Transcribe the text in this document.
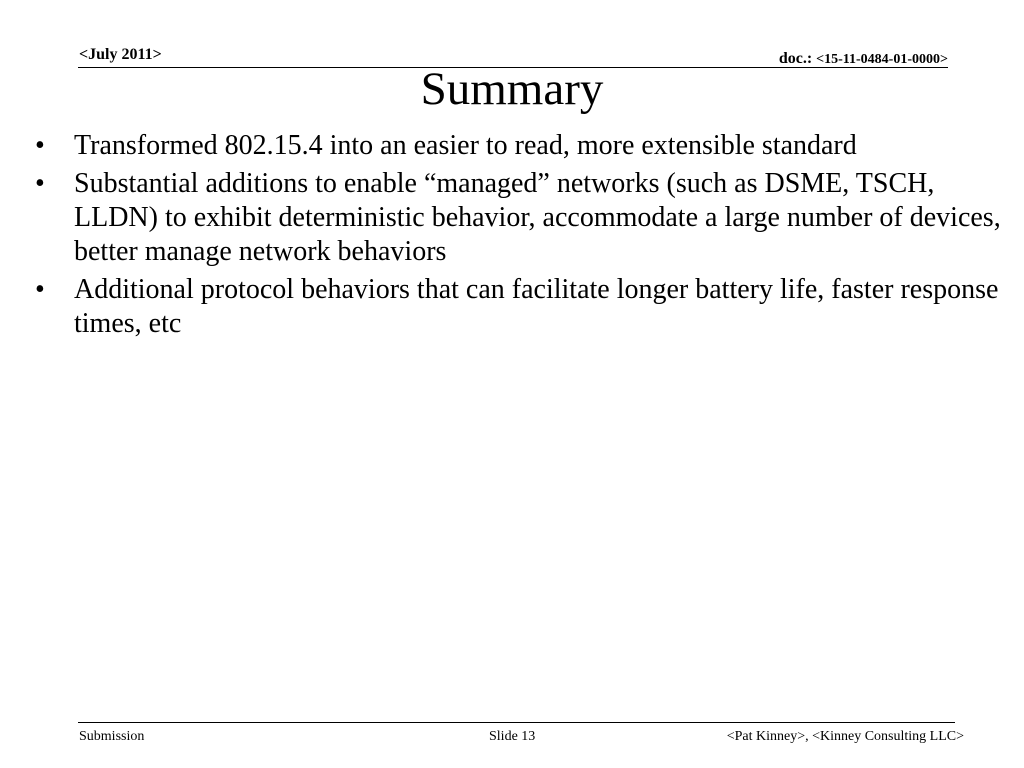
<July 2011>	doc.: <15-11-0484-01-0000>
Summary
•	Transformed 802.15.4 into an easier to read, more extensible standard
•	Substantial additions to enable “managed” networks (such as DSME, TSCH, LLDN) to exhibit deterministic behavior, accommodate a large number of devices, better manage network behaviors
•	Additional protocol behaviors that can facilitate longer battery life, faster response times, etc
Submission	Slide 13	<Pat Kinney>, <Kinney Consulting LLC>
